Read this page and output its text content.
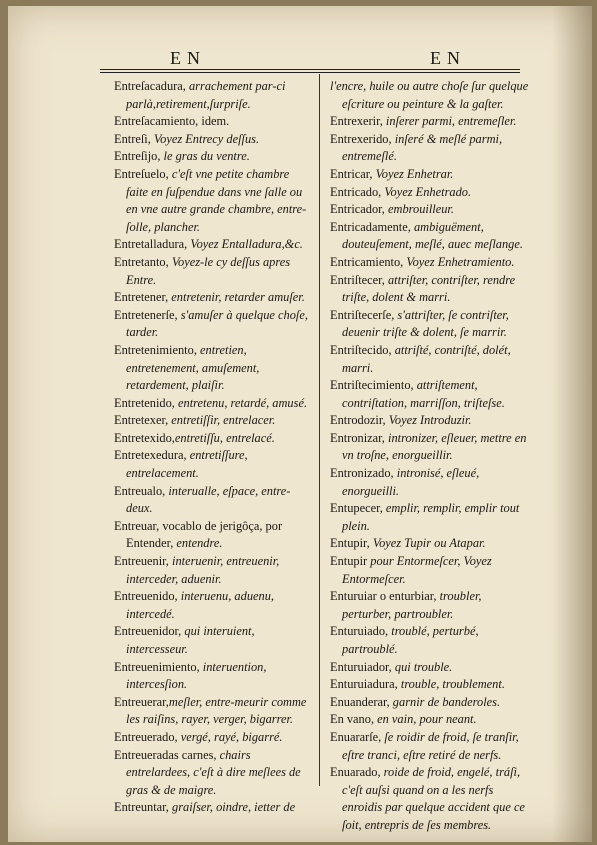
EN	EN

Entreſacadura, arrachement par-ci parlà,retirement,ſurpriſe.

Entreſacamiento, idem.

Entreſi, Voyez Entrecy deſſus.

Entreſijo, le gras du ventre.

Entreſuelo, c'eſt vne petite chambre faite en ſuſpendue dans vne ſalle ou en vne autre grande chambre, entre-ſolle, plancher.

Entretalladura, Voyez Entalladura,&c.

Entretanto, Voyez-le cy deſſus apres Entre.

Entretener, entretenir, retarder amuſer.

Entretenerſe, s'amuſer à quelque choſe, tarder.

Entretenimiento, entretien, entretenement, amuſement, retardement, plaiſir.

Entretenido, entretenu, retardé, amusé.

Entretexer, entretiſſir, entrelacer.

Entretexido,entretiſſu, entrelacé.

Entretexedura, entretiſſure, entrelacement.

Entreualo, interualle, eſpace, entre-deux.

Entreuar, vocablo de jerigôça, por Entender, entendre.

Entreuenir, interuenir, entreuenir, interceder, aduenir.

Entreuenido, interuenu, aduenu, intercedé.

Entreuenidor, qui interuient, intercesseur.

Entreuenimiento, interuention, intercesſion.

Entreuerar,meſler, entre-meurir comme les raiſins, rayer, verger, bigarrer.

Entreuerado, vergé, rayé, bigarré.

Entreueradas carnes, chairs entrelardees, c'eſt à dire meſlees de gras & de maigre.

Entreuntar, graiſser, oindre, ietter de

l'encre, huile ou autre choſe ſur quelque eſcriture ou peinture & la gaſter.

Entrexerir, inſerer parmi, entremeſler.

Entrexerido, inſeré & meſlé parmi, entremeſlé.

Entricar, Voyez Enhetrar.

Entricado, Voyez Enhetrado.

Entricador, embrouilleur.

Entricadamente, ambiguëment, douteuſement, meſlé, auec meſlange.

Entricamiento, Voyez Enhetramiento.

Entriſtecer, attriſter, contriſter, rendre triſte, dolent & marri.

Entriſtecerſe, s'attriſter, ſe contriſter, deuenir triſte & dolent, ſe marrir.

Entriſtecido, attriſté, contriſté, dolét, marri.

Entriſtecimiento, attriſtement, contriſtation, marriſſon, triſteſse.

Entrodozir, Voyez Introduzir.

Entronizar, intronizer, eſleuer, mettre en vn troſne, enorgueillir.

Entronizado, intronisé, eſleué, enorgueilli.

Entupecer, emplir, remplir, emplir tout plein.

Entupir, Voyez Tupir ou Atapar.

Entupir pour Entormeſcer, Voyez Entormeſcer.

Enturuiar o enturbiar, troubler, perturber, partroubler.

Enturuiado, troublé, perturbé, partroublé.

Enturuiador, qui trouble.

Enturuiadura, trouble, troublement.

Enuanderar, garnir de banderoles.

En vano, en vain, pour neant.

Enuararſe, ſe roidir de froid, ſe tranſir, eſtre tranci, eſtre retiré de nerfs.

Enuarado, roide de froid, engelé, tráſi, c'eſt auſsi quand on a les nerfs enroidis par quelque accident que ce ſoit, entrepris de ſes membres.
